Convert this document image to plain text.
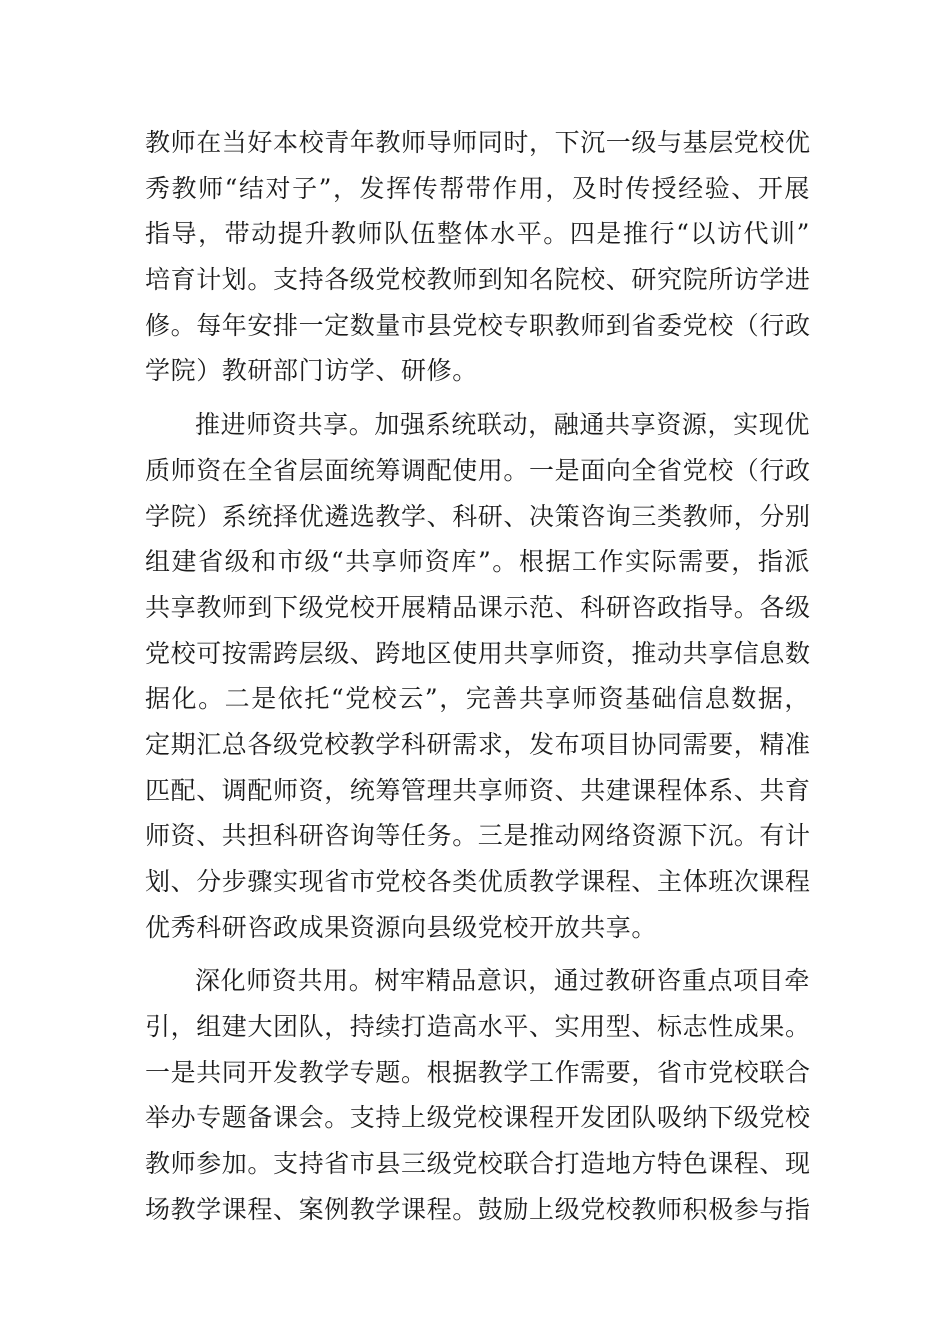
教师在当好本校青年教师导师同时，下沉一级与基层党校优
秀教师“结对子”，发挥传帮带作用，及时传授经验、开展
指导，带动提升教师队伍整体水平。四是推行“以访代训”
培育计划。支持各级党校教师到知名院校、研究院所访学进
修。每年安排一定数量市县党校专职教师到省委党校（行政
学院）教研部门访学、研修。
推进师资共享。加强系统联动，融通共享资源，实现优
质师资在全省层面统筹调配使用。一是面向全省党校（行政
学院）系统择优遴选教学、科研、决策咨询三类教师，分别
组建省级和市级“共享师资库”。根据工作实际需要，指派
共享教师到下级党校开展精品课示范、科研咨政指导。各级
党校可按需跨层级、跨地区使用共享师资，推动共享信息数
据化。二是依托“党校云”，完善共享师资基础信息数据，
定期汇总各级党校教学科研需求，发布项目协同需要，精准
匹配、调配师资，统筹管理共享师资、共建课程体系、共育
师资、共担科研咨询等任务。三是推动网络资源下沉。有计
划、分步骤实现省市党校各类优质教学课程、主体班次课程
优秀科研咨政成果资源向县级党校开放共享。
深化师资共用。树牢精品意识，通过教研咨重点项目牵
引，组建大团队，持续打造高水平、实用型、标志性成果。
一是共同开发教学专题。根据教学工作需要，省市党校联合
举办专题备课会。支持上级党校课程开发团队吸纳下级党校
教师参加。支持省市县三级党校联合打造地方特色课程、现
场教学课程、案例教学课程。鼓励上级党校教师积极参与指
